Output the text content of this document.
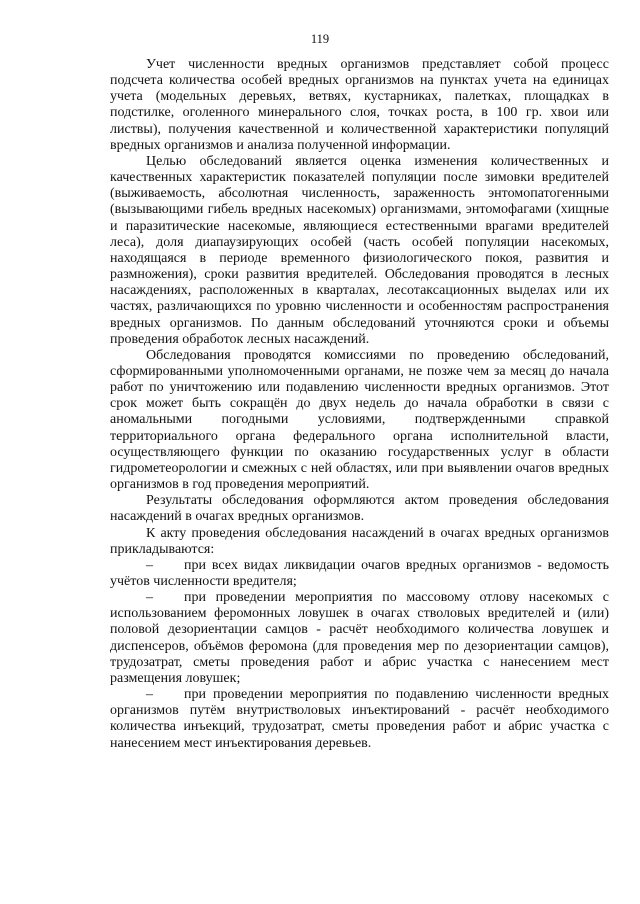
119

Учет численности вредных организмов представляет собой процесс подсчета количества особей вредных организмов на пунктах учета на единицах учета (модельных деревьях, ветвях, кустарниках, палетках, площадках в подстилке, оголенного минерального слоя, точках роста, в 100 гр. хвои или листвы), получения качественной и количественной характеристики популяций вредных организмов и анализа полученной информации.

Целью обследований является оценка изменения количественных и качественных характеристик показателей популяции после зимовки вредителей (выживаемость, абсолютная численность, зараженность энтомопатогенными (вызывающими гибель вредных насекомых) организмами, энтомофагами (хищные и паразитические насекомые, являющиеся естественными врагами вредителей леса), доля диапаузирующих особей (часть особей популяции насекомых, находящаяся в периоде временного физиологического покоя, развития и размножения), сроки развития вредителей. Обследования проводятся в лесных насаждениях, расположенных в кварталах, лесотаксационных выделах или их частях, различающихся по уровню численности и особенностям распространения вредных организмов. По данным обследований уточняются сроки и объемы проведения обработок лесных насаждений.

Обследования проводятся комиссиями по проведению обследований, сформированными уполномоченными органами, не позже чем за месяц до начала работ по уничтожению или подавлению численности вредных организмов. Этот срок может быть сокращён до двух недель до начала обработки в связи с аномальными погодными условиями, подтвержденными справкой территориального органа федерального органа исполнительной власти, осуществляющего функции по оказанию государственных услуг в области гидрометеорологии и смежных с ней областях, или при выявлении очагов вредных организмов в год проведения мероприятий.

Результаты обследования оформляются актом проведения обследования насаждений в очагах вредных организмов.

К акту проведения обследования насаждений в очагах вредных организмов прикладываются:

– при всех видах ликвидации очагов вредных организмов - ведомость учётов численности вредителя;

– при проведении мероприятия по массовому отлову насекомых с использованием феромонных ловушек в очагах стволовых вредителей и (или) половой дезориентации самцов - расчёт необходимого количества ловушек и диспенсеров, объёмов феромона (для проведения мер по дезориентации самцов), трудозатрат, сметы проведения работ и абрис участка с нанесением мест размещения ловушек;

– при проведении мероприятия по подавлению численности вредных организмов путём внутристволовых инъектирований - расчёт необходимого количества инъекций, трудозатрат, сметы проведения работ и абрис участка с нанесением мест инъектирования деревьев.
